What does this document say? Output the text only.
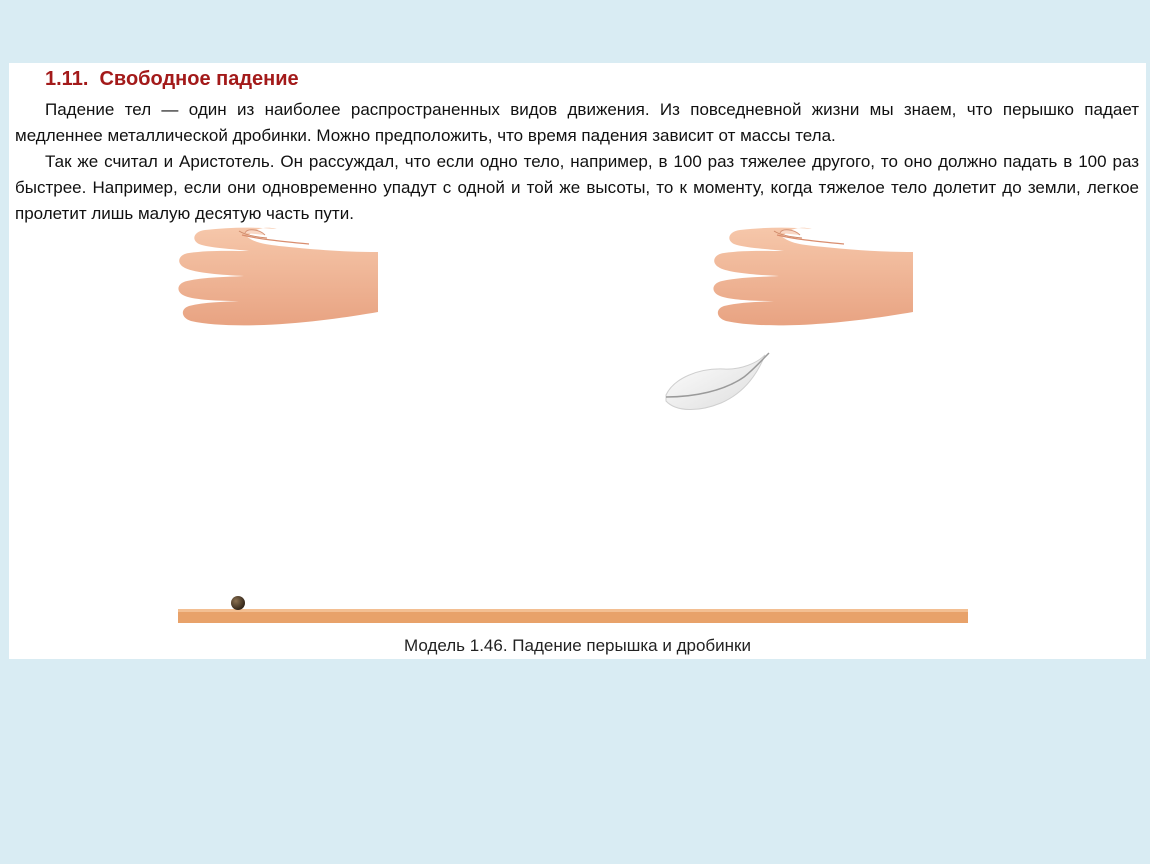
1.11.  Свободное падение

Падение тел — один из наиболее распространенных видов движения. Из повседневной жизни мы знаем, что перышко падает медленнее металлической дробинки. Можно предположить, что время падения зависит от массы тела.

Так же считал и Аристотель. Он рассуждал, что если одно тело, например, в 100 раз тяжелее другого, то оно должно падать в 100 раз быстрее. Например, если они одновременно упадут с одной и той же высоты, то к моменту, когда тяжелое тело долетит до земли, легкое пролетит лишь малую десятую часть пути.

Модель 1.46. Падение перышка и дробинки
